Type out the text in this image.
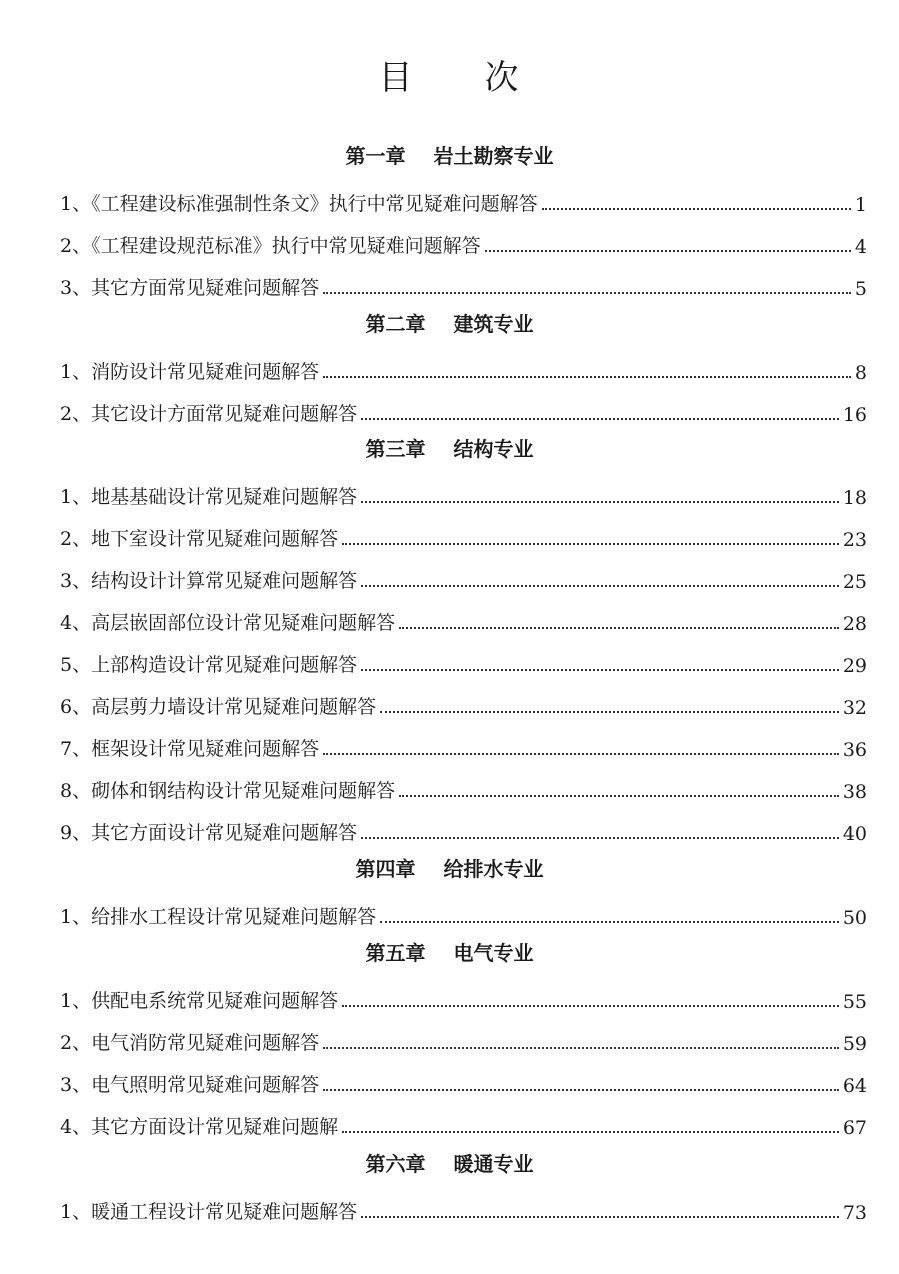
目 次
第一章 岩土勘察专业
1、《工程建设标准强制性条文》执行中常见疑难问题解答	1
2、《工程建设规范标准》执行中常见疑难问题解答	4
3、其它方面常见疑难问题解答	5
第二章 建筑专业
1、消防设计常见疑难问题解答	8
2、其它设计方面常见疑难问题解答	16
第三章 结构专业
1、地基基础设计常见疑难问题解答	18
2、地下室设计常见疑难问题解答	23
3、结构设计计算常见疑难问题解答	25
4、高层嵌固部位设计常见疑难问题解答	28
5、上部构造设计常见疑难问题解答	29
6、高层剪力墙设计常见疑难问题解答	32
7、框架设计常见疑难问题解答	36
8、砌体和钢结构设计常见疑难问题解答	38
9、其它方面设计常见疑难问题解答	40
第四章 给排水专业
1、给排水工程设计常见疑难问题解答	50
第五章 电气专业
1、供配电系统常见疑难问题解答	55
2、电气消防常见疑难问题解答	59
3、电气照明常见疑难问题解答	64
4、其它方面设计常见疑难问题解	67
第六章 暖通专业
1、暖通工程设计常见疑难问题解答	73
